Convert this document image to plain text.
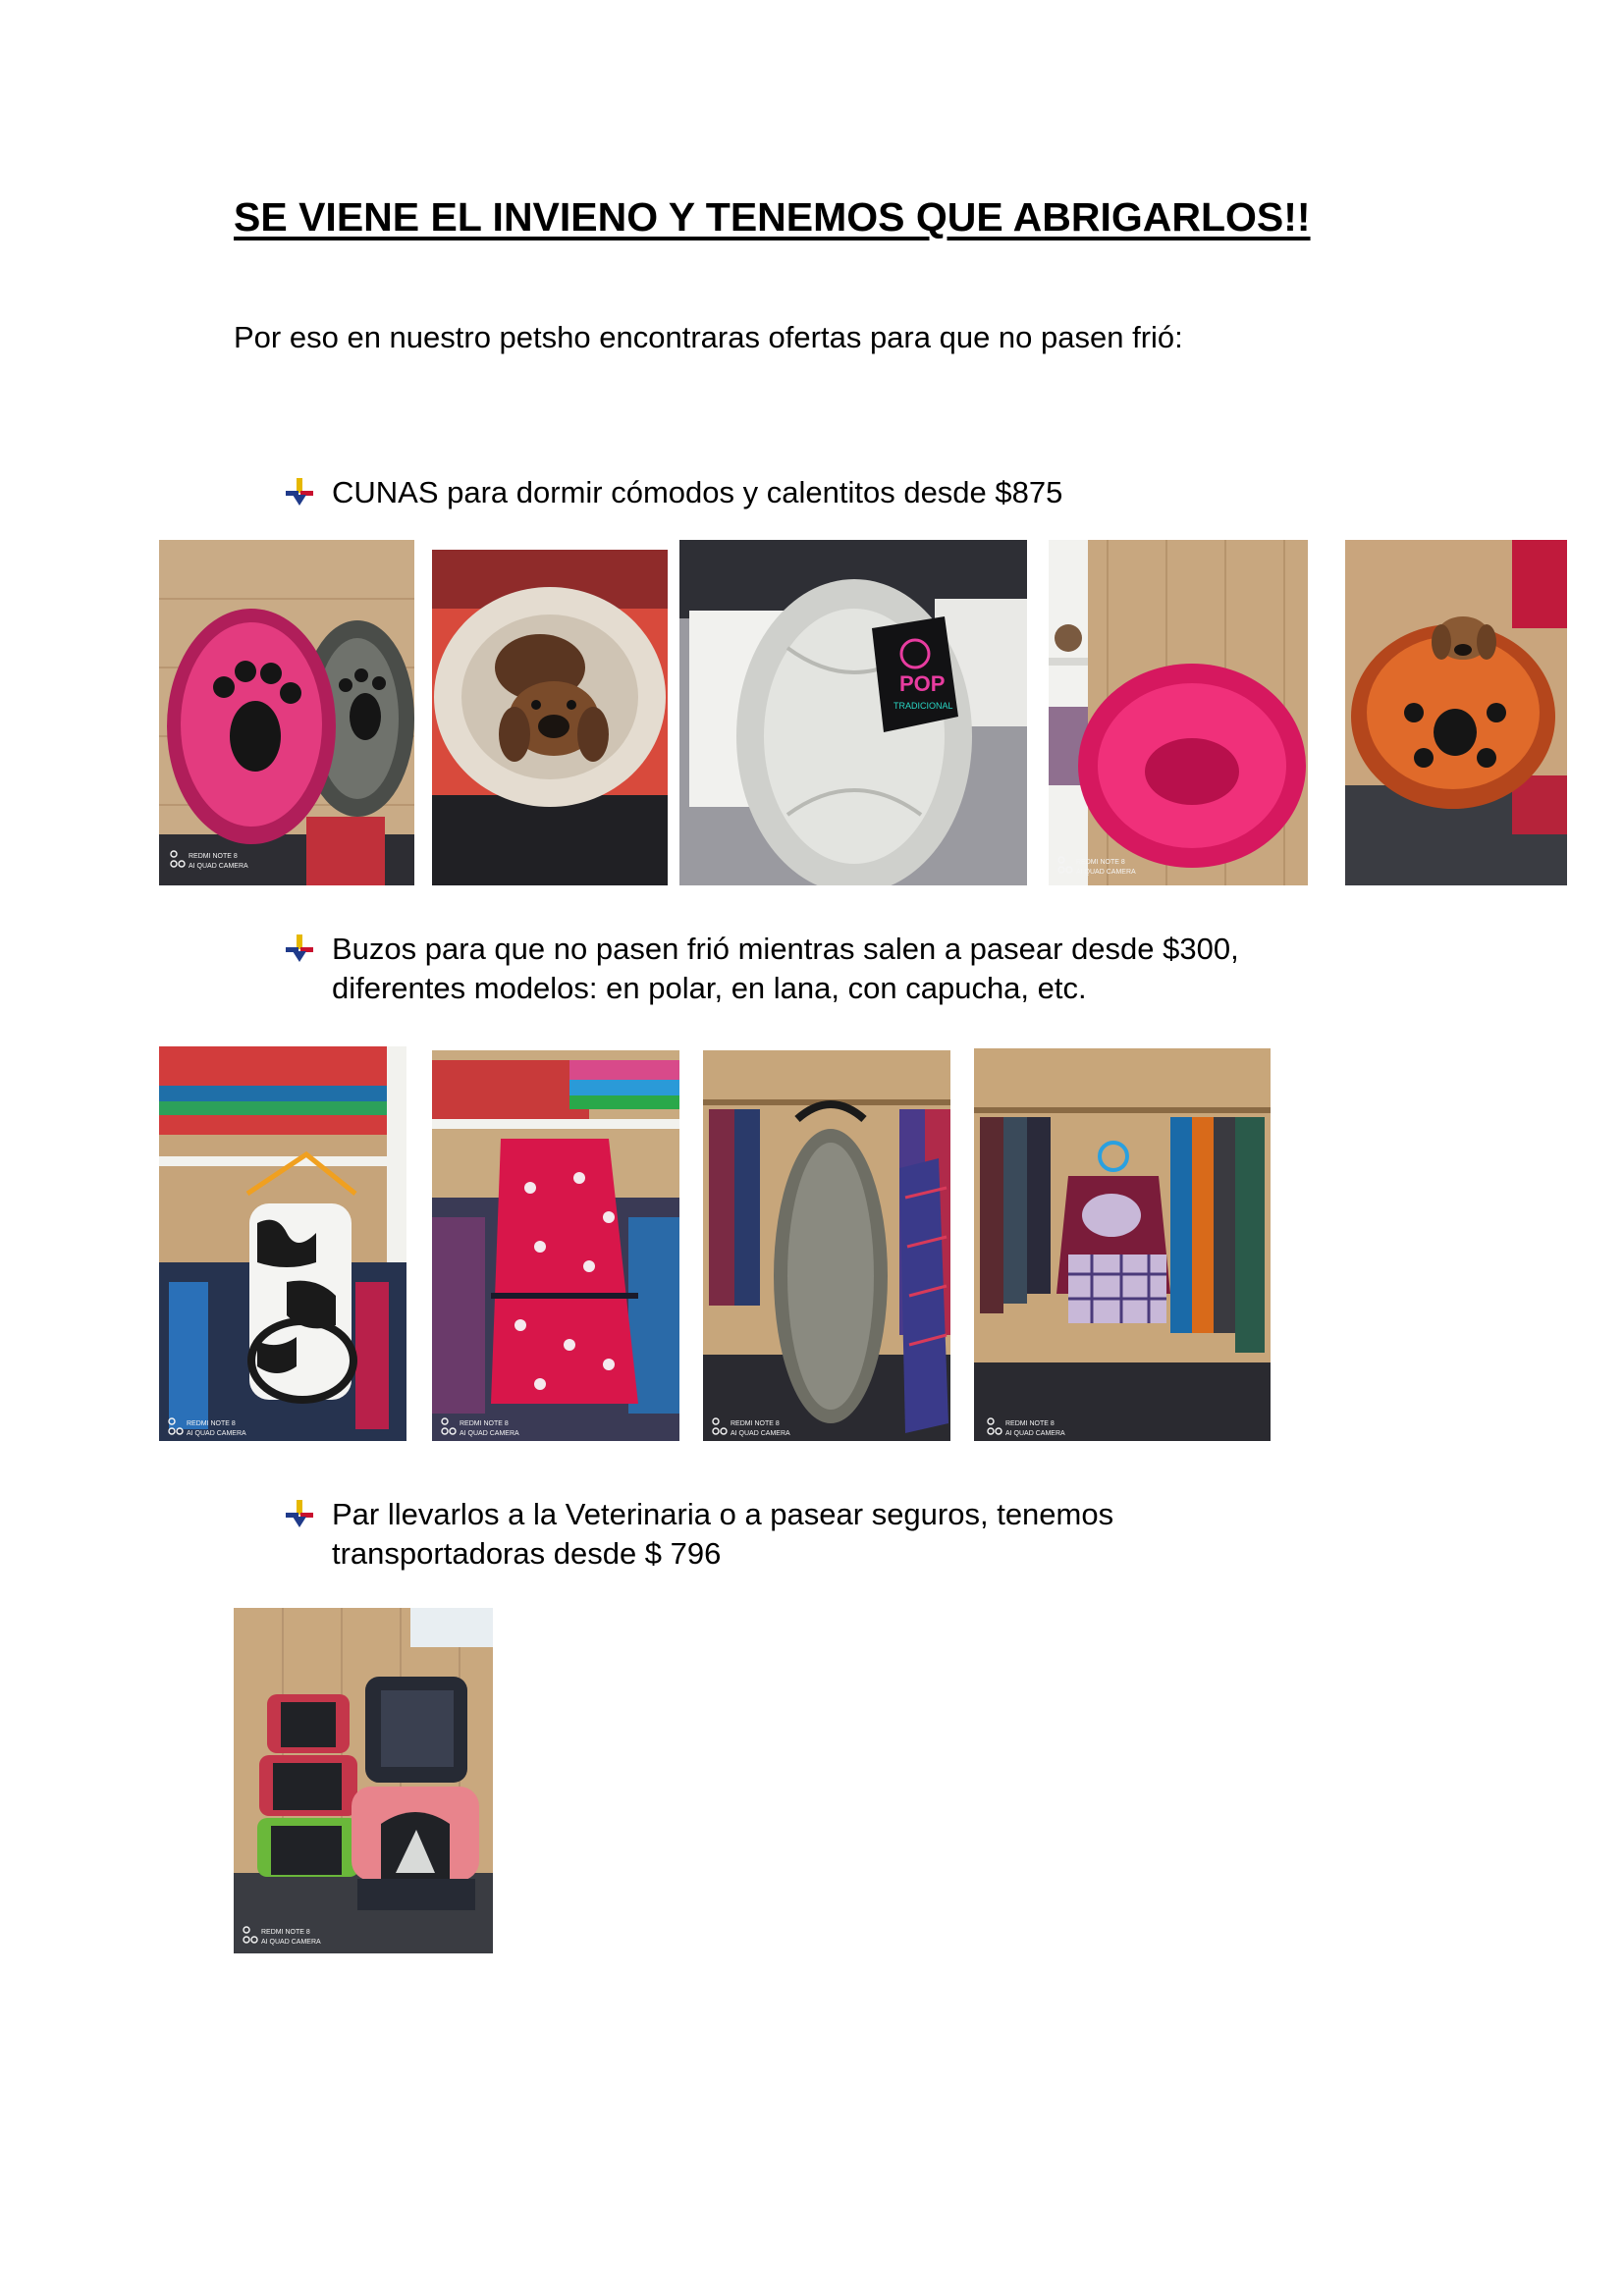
SE VIENE EL INVIENO Y TENEMOS QUE ABRIGARLOS!!
Por eso en nuestro petsho encontraras ofertas para que no pasen frió:
CUNAS para dormir cómodos y calentitos desde $875
POP
TRADICIONAL
Buzos para que no pasen frió mientras salen a pasear desde $300,
diferentes modelos: en polar, en lana, con capucha, etc.
Par llevarlos a la Veterinaria o a pasear seguros, tenemos
transportadoras desde $ 796
REDMI NOTE 8
AI QUAD CAMERA
REDMI NOTE 8
AI QUAD CAMERA
REDMI NOTE 8
AI QUAD CAMERA
REDMI NOTE 8
AI QUAD CAMERA
REDMI NOTE 8
AI QUAD CAMERA
REDMI NOTE 8
AI QUAD CAMERA
REDMI NOTE 8
AI QUAD CAMERA
